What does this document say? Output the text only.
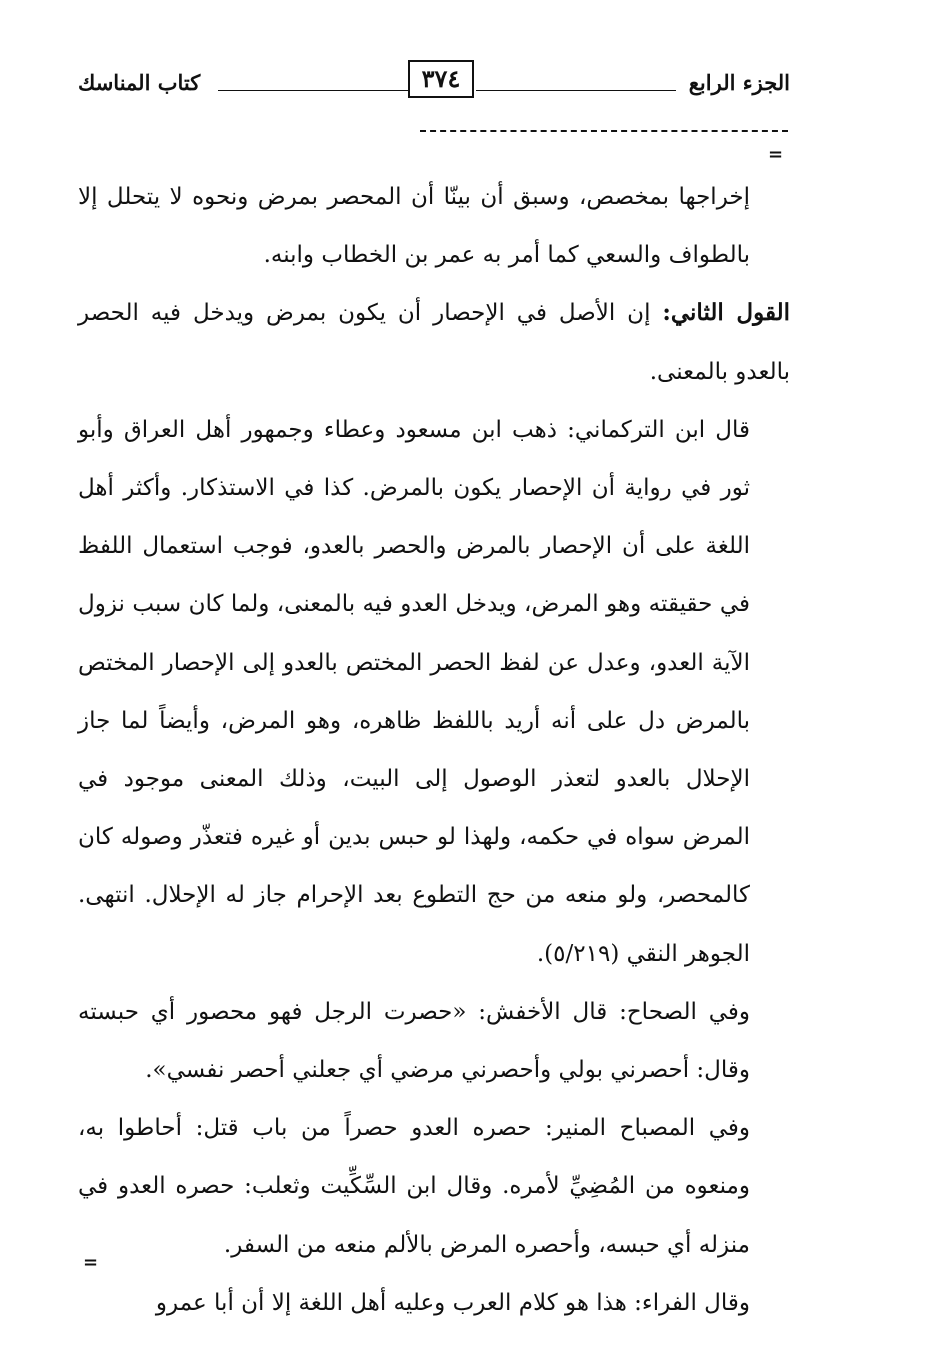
الجزء الرابع
٣٧٤
كتاب المناسك
=

إخراجها بمخصص، وسبق أن بينّا أن المحصر بمرض ونحوه لا يتحلل إلا بالطواف والسعي كما أمر به عمر بن الخطاب وابنه.

القول الثاني: إن الأصل في الإحصار أن يكون بمرض ويدخل فيه الحصر بالعدو بالمعنى.

قال ابن التركماني: ذهب ابن مسعود وعطاء وجمهور أهل العراق وأبو ثور في رواية أن الإحصار يكون بالمرض. كذا في الاستذكار. وأكثر أهل اللغة على أن الإحصار بالمرض والحصر بالعدو، فوجب استعمال اللفظ في حقيقته وهو المرض، ويدخل العدو فيه بالمعنى، ولما كان سبب نزول الآية العدو، وعدل عن لفظ الحصر المختص بالعدو إلى الإحصار المختص بالمرض دل على أنه أريد باللفظ ظاهره، وهو المرض، وأيضاً لما جاز الإحلال بالعدو لتعذر الوصول إلى البيت، وذلك المعنى موجود في المرض سواه في حكمه، ولهذا لو حبس بدين أو غيره فتعذّر وصوله كان كالمحصر، ولو منعه من حج التطوع بعد الإحرام جاز له الإحلال. انتهى. الجوهر النقي (٥/٢١٩).

وفي الصحاح: قال الأخفش: «حصرت الرجل فهو محصور أي حبسته وقال: أحصرني بولي وأحصرني مرضي أي جعلني أحصر نفسي».

وفي المصباح المنير: حصره العدو حصراً من باب قتل: أحاطوا به، ومنعوه من المُضِيِّ لأمره. وقال ابن السِّكِّيت وثعلب: حصره العدو في منزله أي حبسه، وأحصره المرض بالألم منعه من السفر.

وقال الفراء: هذا هو كلام العرب وعليه أهل اللغة إلا أن أبا عمرو

=
